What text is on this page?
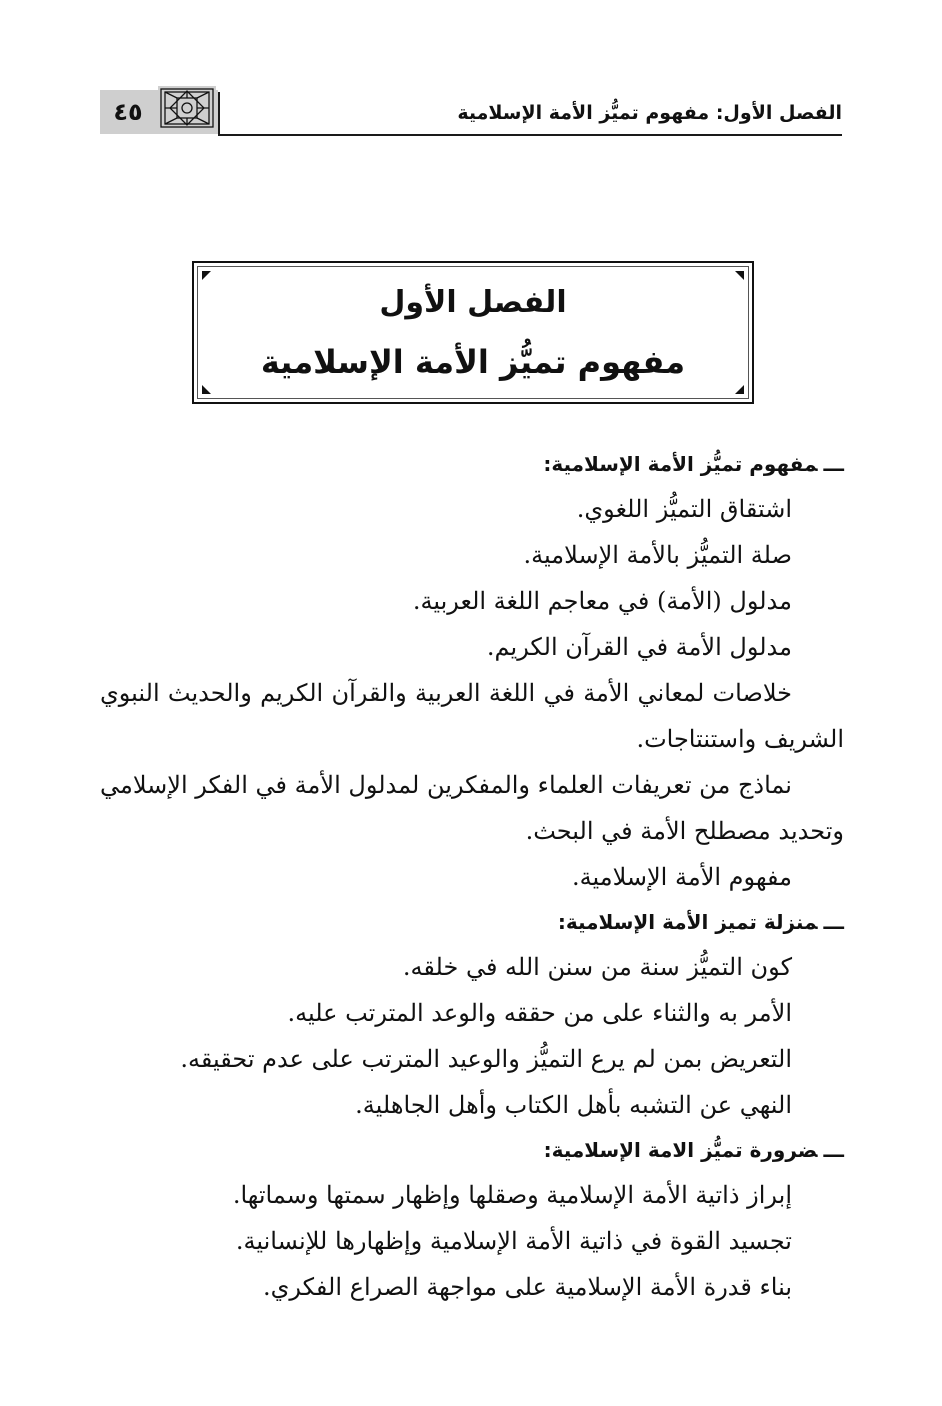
٤٥	الفصل الأول: مفهوم تميُّز الأمة الإسلامية
الفصل الأول
مفهوم تميُّز الأمة الإسلامية
ـــمفهوم تميُّز الأمة الإسلامية:
اشتقاق التميُّز اللغوي.
صلة التميُّز بالأمة الإسلامية.
مدلول (الأمة) في معاجم اللغة العربية.
مدلول الأمة في القرآن الكريم.
خلاصات لمعاني الأمة في اللغة العربية والقرآن الكريم والحديث النبوي الشريف واستنتاجات.
نماذج من تعريفات العلماء والمفكرين لمدلول الأمة في الفكر الإسلامي وتحديد مصطلح الأمة في البحث.
مفهوم الأمة الإسلامية.
ـــمنزلة تميز الأمة الإسلامية:
كون التميُّز سنة من سنن الله في خلقه.
الأمر به والثناء على من حققه والوعد المترتب عليه.
التعريض بمن لم يرع التميُّز والوعيد المترتب على عدم تحقيقه.
النهي عن التشبه بأهل الكتاب وأهل الجاهلية.
ـــضرورة تميُّز الامة الإسلامية:
إبراز ذاتية الأمة الإسلامية وصقلها وإظهار سمتها وسماتها.
تجسيد القوة في ذاتية الأمة الإسلامية وإظهارها للإنسانية.
بناء قدرة الأمة الإسلامية على مواجهة الصراع الفكري.
